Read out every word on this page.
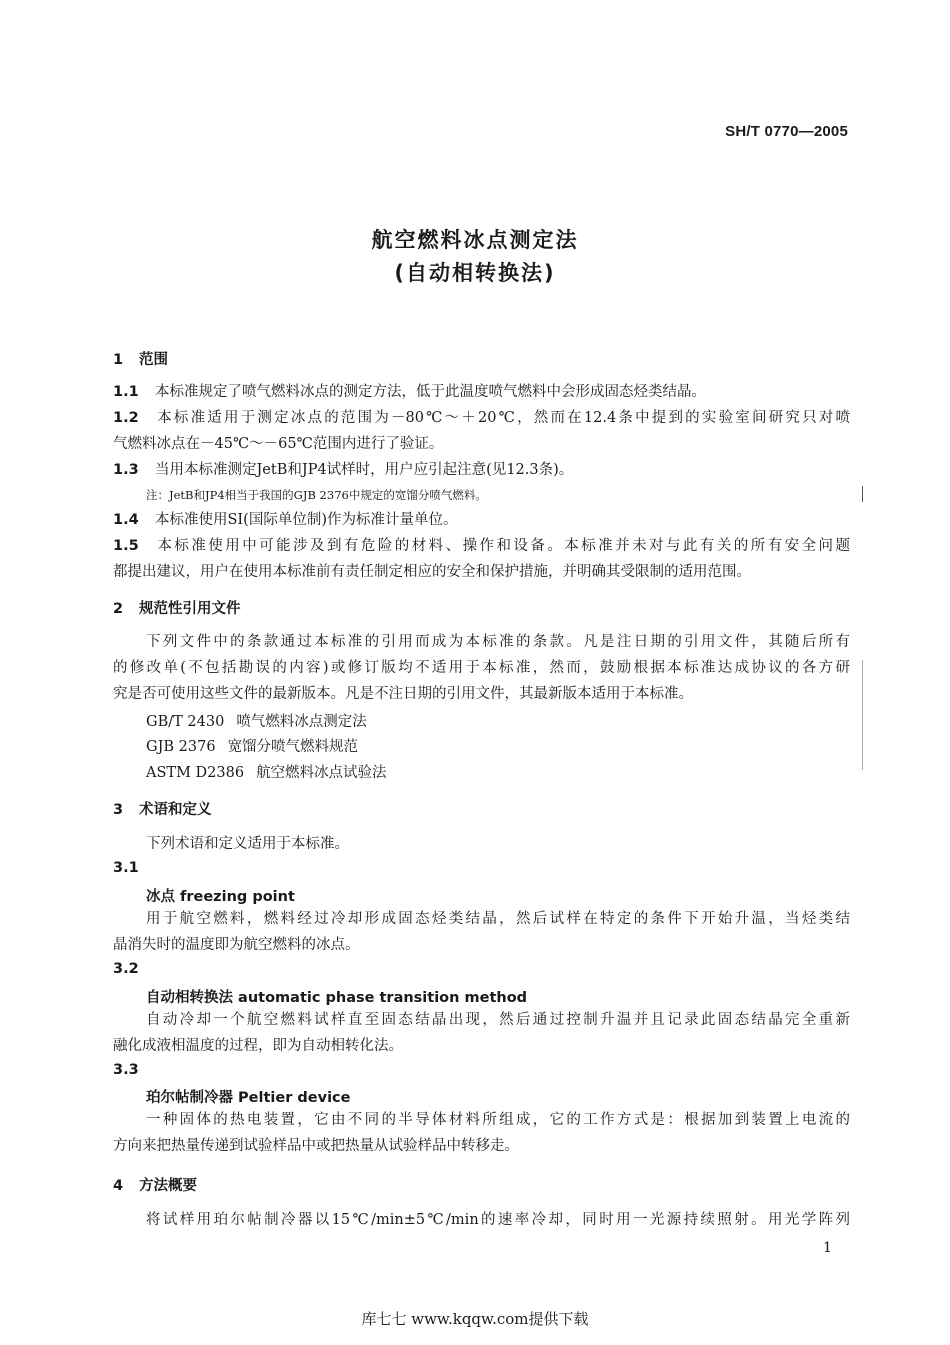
SH/T 0770—2005
航空燃料冰点测定法
(自动相转换法)
1 范围
1.1 本标准规定了喷气燃料冰点的测定方法，低于此温度喷气燃料中会形成固态烃类结晶。
1.2 本标准适用于测定冰点的范围为－80℃～＋20℃，然而在12.4条中提到的实验室间研究只对喷
气燃料冰点在－45℃～－65℃范围内进行了验证。
1.3 当用本标准测定JetB和JP4试样时，用户应引起注意(见12.3条)。
注：JetB和JP4相当于我国的GJB 2376中规定的宽馏分喷气燃料。
1.4 本标准使用SI(国际单位制)作为标准计量单位。
1.5 本标准使用中可能涉及到有危险的材料、操作和设备。本标准并未对与此有关的所有安全问题
都提出建议，用户在使用本标准前有责任制定相应的安全和保护措施，并明确其受限制的适用范围。
2 规范性引用文件
下列文件中的条款通过本标准的引用而成为本标准的条款。凡是注日期的引用文件，其随后所有
的修改单(不包括勘误的内容)或修订版均不适用于本标准，然而，鼓励根据本标准达成协议的各方研
究是否可使用这些文件的最新版本。凡是不注日期的引用文件，其最新版本适用于本标准。
GB/T 2430 喷气燃料冰点测定法
GJB 2376 宽馏分喷气燃料规范
ASTM D2386 航空燃料冰点试验法
3 术语和定义
下列术语和定义适用于本标准。
3.1
冰点 freezing point
用于航空燃料，燃料经过冷却形成固态烃类结晶，然后试样在特定的条件下开始升温，当烃类结
晶消失时的温度即为航空燃料的冰点。
3.2
自动相转换法 automatic phase transition method
自动冷却一个航空燃料试样直至固态结晶出现，然后通过控制升温并且记录此固态结晶完全重新
融化成液相温度的过程，即为自动相转化法。
3.3
珀尔帖制冷器 Peltier device
一种固体的热电装置，它由不同的半导体材料所组成，它的工作方式是：根据加到装置上电流的
方向来把热量传递到试验样品中或把热量从试验样品中转移走。
4 方法概要
将试样用珀尔帖制冷器以15℃/min±5℃/min的速率冷却，同时用一光源持续照射。用光学阵列
1
库七七 www.kqqw.com提供下载
